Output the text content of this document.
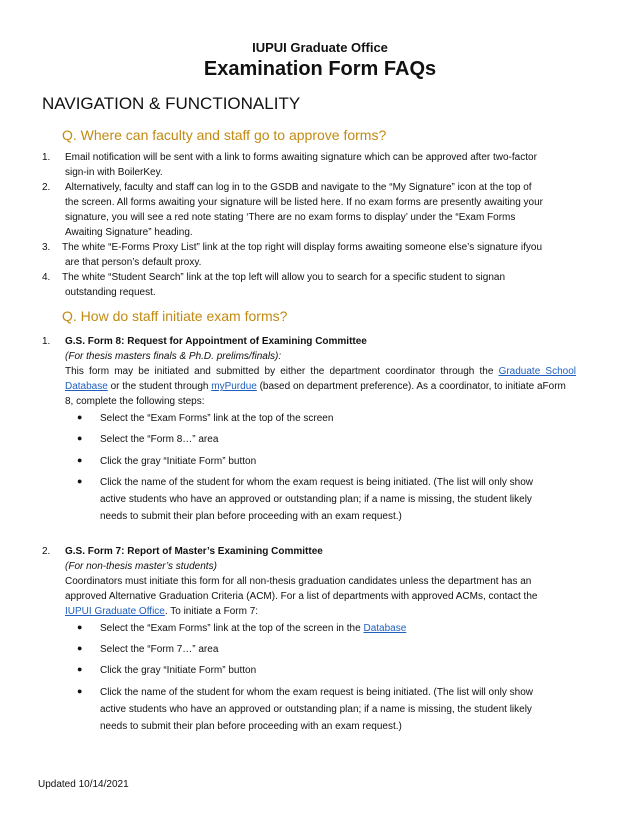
IUPUI Graduate Office
Examination Form FAQs
NAVIGATION & FUNCTIONALITY
Q. Where can faculty and staff go to approve forms?
1. Email notification will be sent with a link to forms awaiting signature which can be approved after two-factor
sign-in with BoilerKey.
2. Alternatively, faculty and staff can log in to the GSDB and navigate to the “My Signature” icon at the top of
the screen. All forms awaiting your signature will be listed here. If no exam forms are presently awaiting your
signature, you will see a red note stating ‘There are no exam forms to display’ under the “Exam Forms
Awaiting Signature” heading.
3. The white “E-Forms Proxy List” link at the top right will display forms awaiting someone else’s signature ifyou
are that person’s default proxy.
4. The white “Student Search” link at the top left will allow you to search for a specific student to signan
outstanding request.
Q. How do staff initiate exam forms?
1. G.S. Form 8: Request for Appointment of Examining Committee
(For thesis masters finals & Ph.D. prelims/finals):
This form may be initiated and submitted by either the department coordinator through the Graduate School
Database or the student through myPurdue (based on department preference). As a coordinator, to initiate aForm
8, complete the following steps:
● Select the “Exam Forms” link at the top of the screen
● Select the “Form 8…” area
● Click the gray “Initiate Form” button
● Click the name of the student for whom the exam request is being initiated. (The list will only show
active students who have an approved or outstanding plan; if a name is missing, the student likely
needs to submit their plan before proceeding with an exam request.)
2. G.S. Form 7: Report of Master’s Examining Committee
(For non-thesis master’s students)
Coordinators must initiate this form for all non-thesis graduation candidates unless the department has an
approved Alternative Graduation Criteria (ACM). For a list of departments with approved ACMs, contact the
IUPUI Graduate Office. To initiate a Form 7:
● Select the “Exam Forms” link at the top of the screen in the Database
● Select the “Form 7…” area
● Click the gray “Initiate Form” button
● Click the name of the student for whom the exam request is being initiated. (The list will only show
active students who have an approved or outstanding plan; if a name is missing, the student likely
needs to submit their plan before proceeding with an exam request.)
Updated 10/14/2021
